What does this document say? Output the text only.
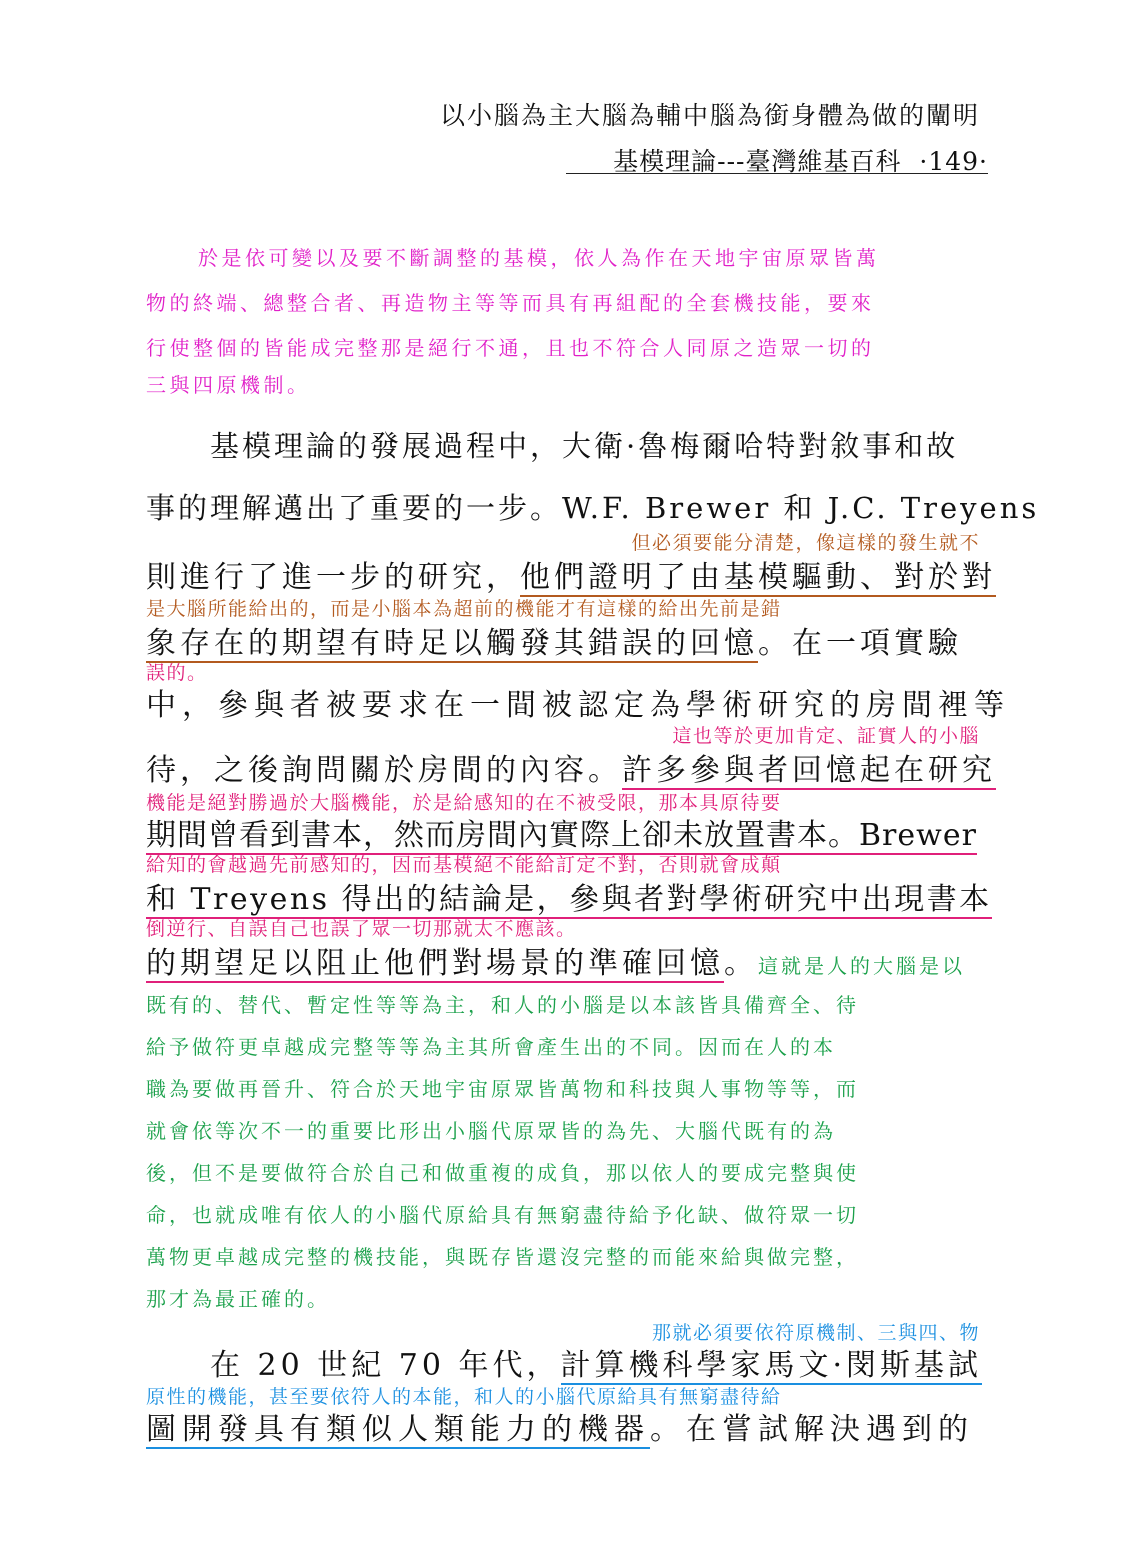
以小腦為主大腦為輔中腦為銜身體為做的闡明
基模理論---臺灣維基百科 ·149·
於是依可變以及要不斷調整的基模，依人為作在天地宇宙原眾皆萬
物的終端、總整合者、再造物主等等而具有再組配的全套機技能，要來
行使整個的皆能成完整那是絕行不通，且也不符合人同原之造眾一切的
三與四原機制。
基模理論的發展過程中，大衛·魯梅爾哈特對敘事和故
事的理解邁出了重要的一步。W.F. Brewer 和 J.C. Treyens
但必須要能分清楚，像這樣的發生就不
則進行了進一步的研究，他們證明了由基模驅動、對於對
是大腦所能給出的，而是小腦本為超前的機能才有這樣的給出先前是錯
象存在的期望有時足以觸發其錯誤的回憶。在一項實驗
誤的。
中，參與者被要求在一間被認定為學術研究的房間裡等
這也等於更加肯定、証實人的小腦
待，之後詢問關於房間的內容。許多參與者回憶起在研究
機能是絕對勝過於大腦機能，於是給感知的在不被受限，那本具原待要
期間曾看到書本，然而房間內實際上卻未放置書本。Brewer
給知的會越過先前感知的，因而基模絕不能給訂定不對，否則就會成顛
和 Treyens 得出的結論是，參與者對學術研究中出現書本
倒逆行、自誤自己也誤了眾一切那就太不應該。
的期望足以阻止他們對場景的準確回憶。這就是人的大腦是以
既有的、替代、暫定性等等為主，和人的小腦是以本該皆具備齊全、待
給予做符更卓越成完整等等為主其所會產生出的不同。因而在人的本
職為要做再晉升、符合於天地宇宙原眾皆萬物和科技與人事物等等，而
就會依等次不一的重要比形出小腦代原眾皆的為先、大腦代既有的為
後，但不是要做符合於自己和做重複的成負，那以依人的要成完整與使
命，也就成唯有依人的小腦代原給具有無窮盡待給予化缺、做符眾一切
萬物更卓越成完整的機技能，與既存皆還沒完整的而能來給與做完整，
那才為最正確的。
那就必須要依符原機制、三與四、物
在 20 世紀 70 年代，計算機科學家馬文·閔斯基試
原性的機能，甚至要依符人的本能，和人的小腦代原給具有無窮盡待給
圖開發具有類似人類能力的機器。在嘗試解決遇到的
